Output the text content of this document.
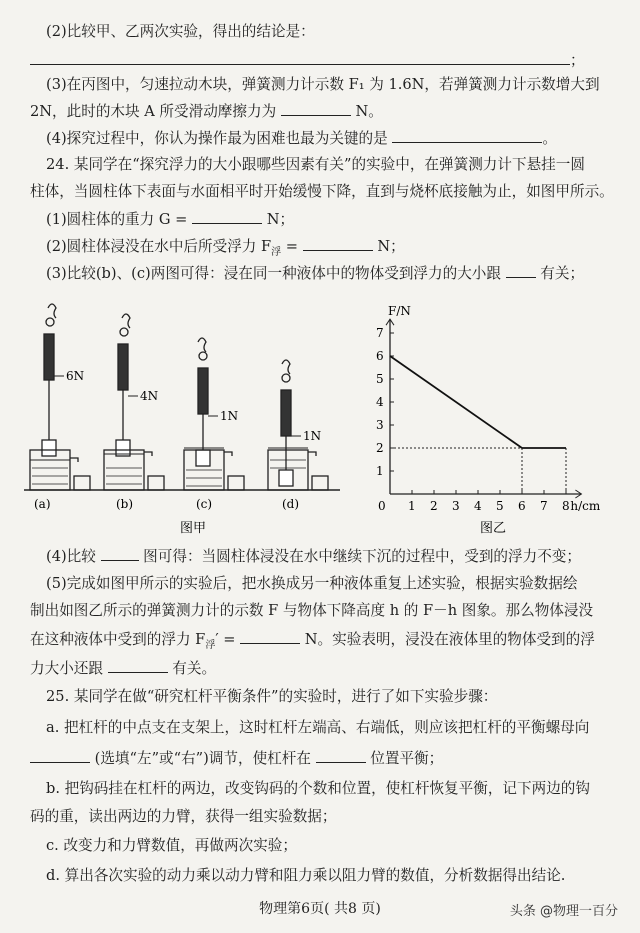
(2)比较甲、乙两次实验，得出的结论是：
；
(3)在丙图中，匀速拉动木块，弹簧测力计示数 F₁ 为 1.6N，若弹簧测力计示数增大到
2N，此时的木块 A 所受滑动摩擦力为	N。
(4)探究过程中，你认为操作最为困难也最为关键的是	。
24. 某同学在“探究浮力的大小跟哪些因素有关”的实验中，在弹簧测力计下悬挂一圆
柱体，当圆柱体下表面与水面相平时开始缓慢下降，直到与烧杯底接触为止，如图甲所示。
(1)圆柱体的重力 G =	N；
(2)圆柱体浸没在水中后所受浮力 $F_浮$ =	N；
(3)比较(b)、(c)两图可得：浸在同一种液体中的物体受到浮力的大小跟	有关；
6N
4N
1N
1N
(a)	(b)	(c)	(d)
图甲
1
2
3
4
5
6
7
1 2 3 4 5 6 7 8
0
F/N
h/cm
图乙
(4)比较	图可得：当圆柱体浸没在水中继续下沉的过程中，受到的浮力不变；
(5)完成如图甲所示的实验后，把水换成另一种液体重复上述实验，根据实验数据绘
制出如图乙所示的弹簧测力计的示数 F 与物体下降高度 h 的 F－h 图象。那么物体浸没
在这种液体中受到的浮力 $F_浮'$ =	N。实验表明，浸没在液体里的物体受到的浮
力大小还跟	有关。
25. 某同学在做“研究杠杆平衡条件”的实验时，进行了如下实验步骤：
a. 把杠杆的中点支在支架上，这时杠杆左端高、右端低，则应该把杠杆的平衡螺母向
(选填“左”或“右”)调节，使杠杆在	位置平衡；
b. 把钩码挂在杠杆的两边，改变钩码的个数和位置，使杠杆恢复平衡，记下两边的钩
码的重，读出两边的力臂，获得一组实验数据；
c. 改变力和力臂数值，再做两次实验；
d. 算出各次实验的动力乘以动力臂和阻力乘以阻力臂的数值，分析数据得出结论.
物理第6页( 共8 页)	头条 @物理一百分
